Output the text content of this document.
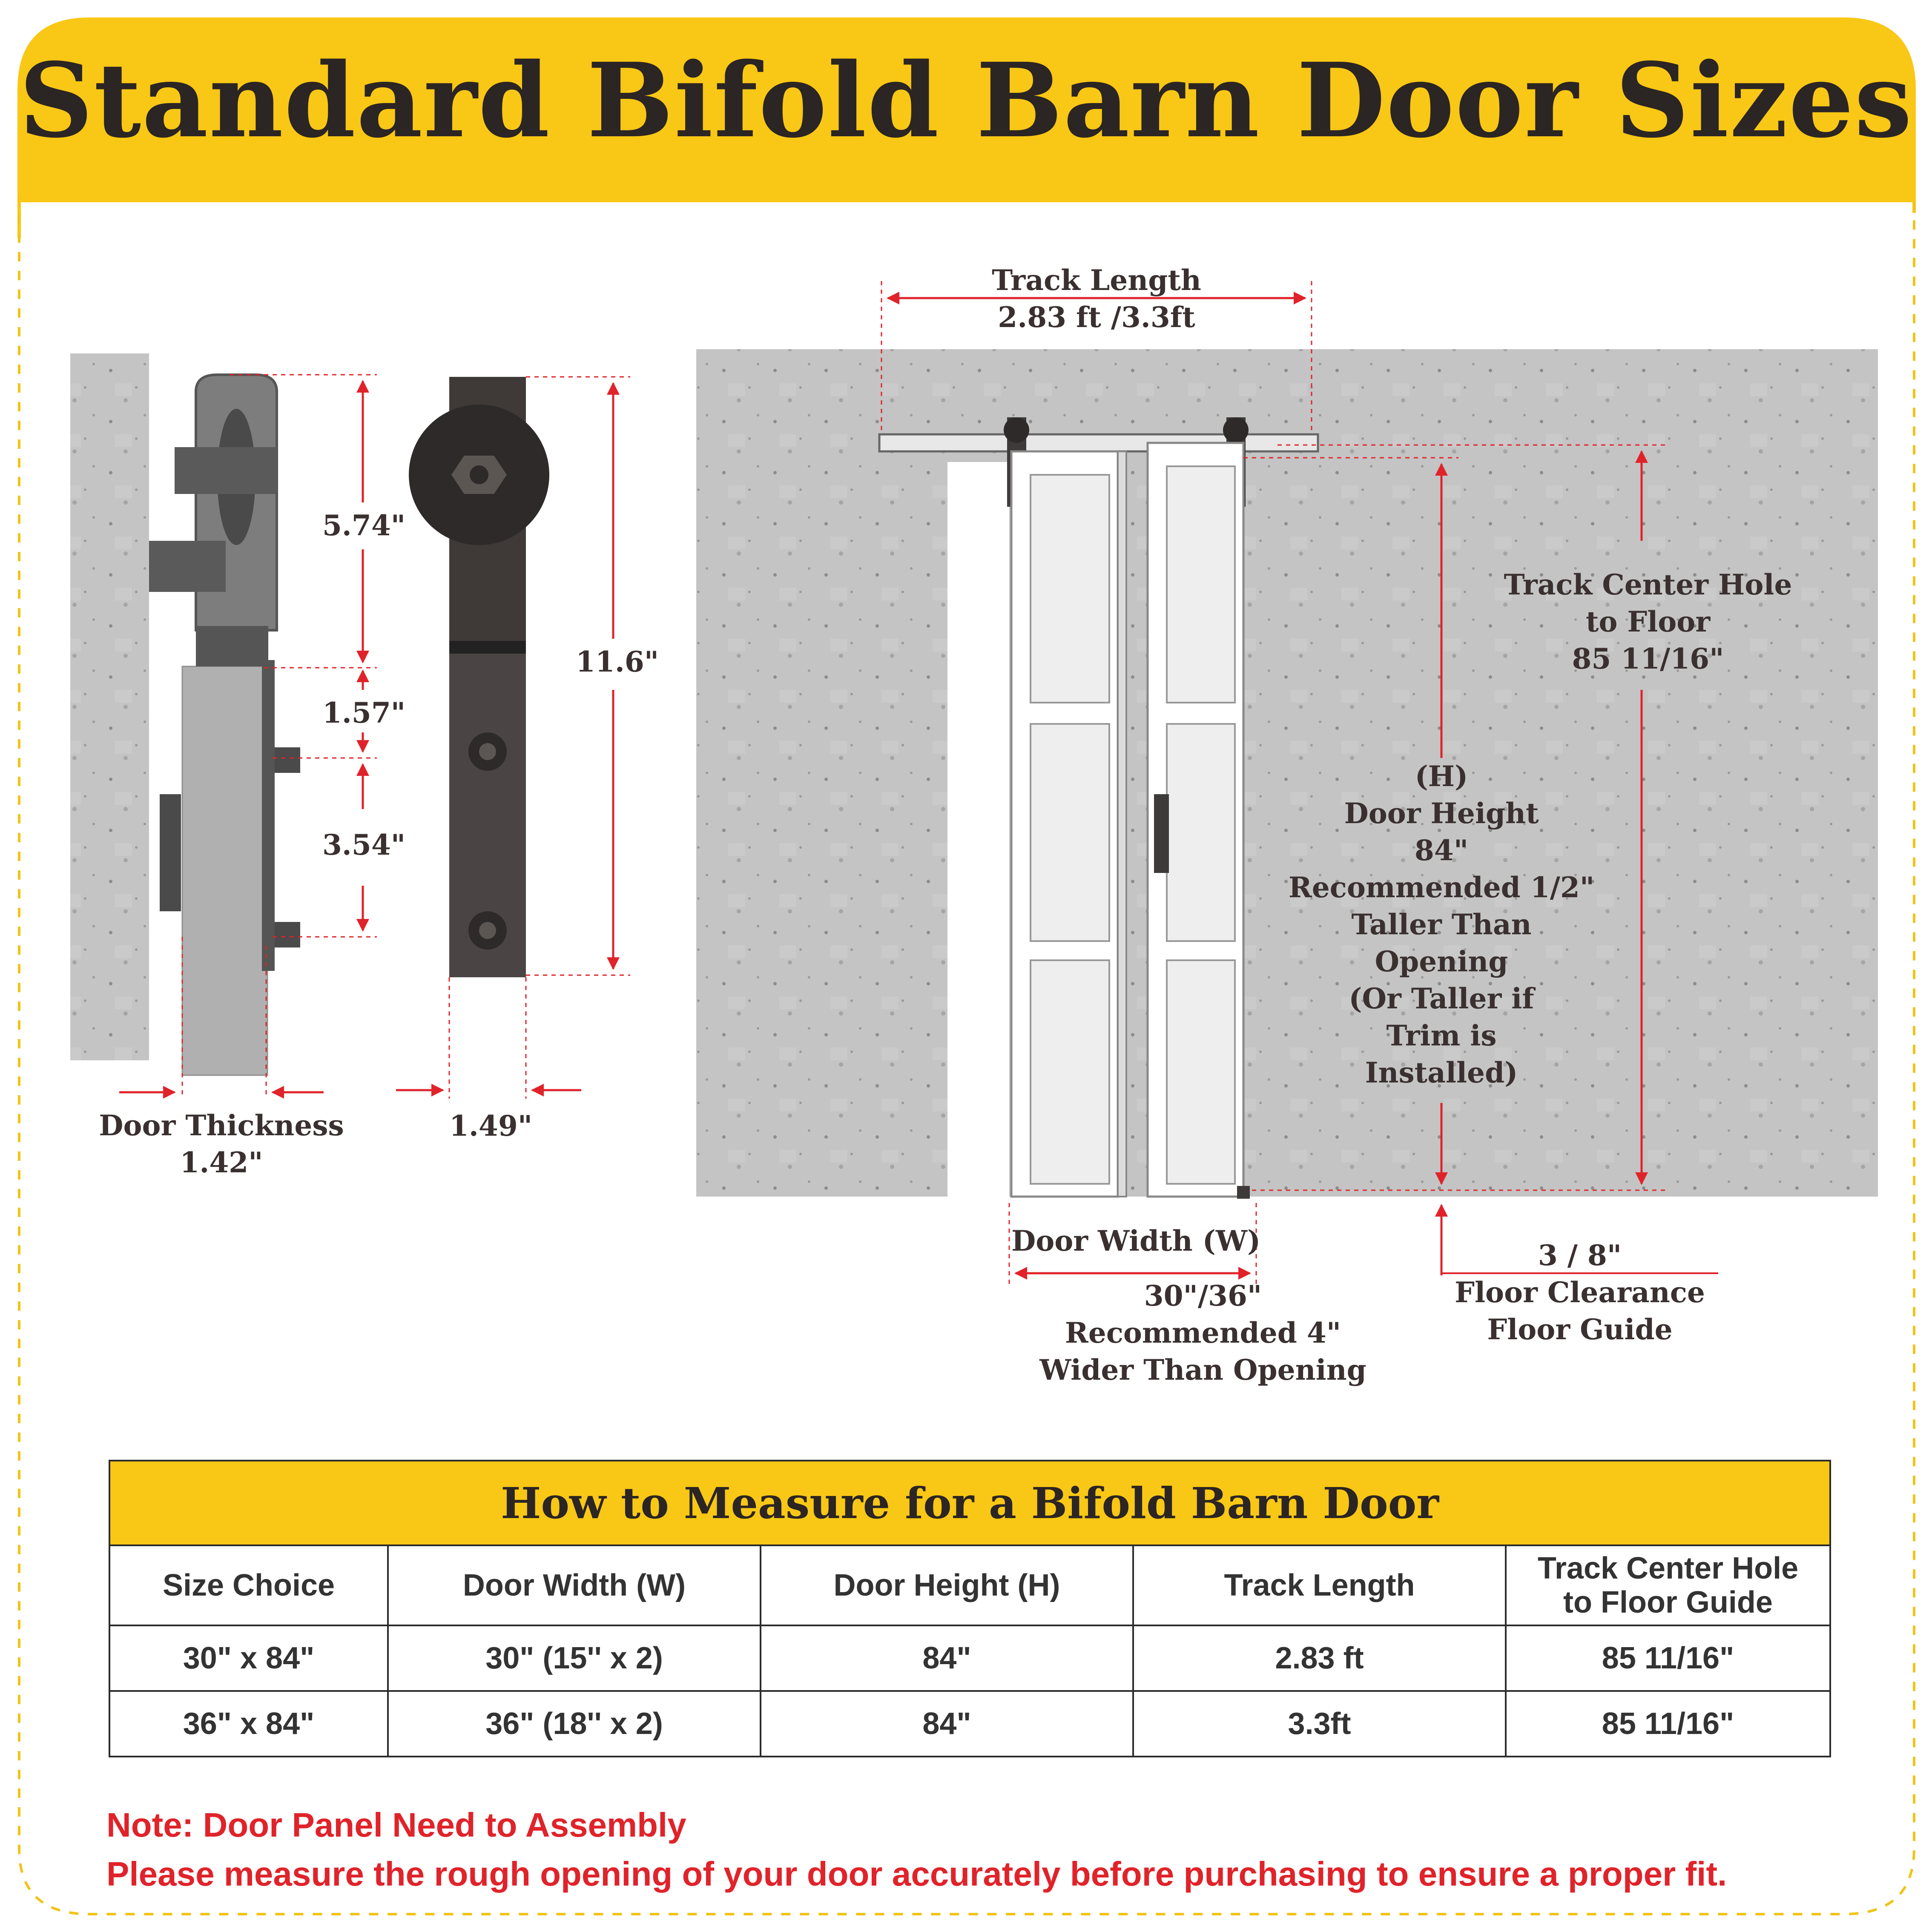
Standard Bifold Barn Door Sizes
5.74"
1.57"
3.54"
11.6"
1.49"
Door Thickness
1.42"
Track Length
2.83 ft /3.3ft
Track Center Hole
to Floor
85 11/16"
(H)
Door Height
84"
Recommended 1/2"
Taller Than
Opening
(Or Taller if
Trim is
Installed)
Door Width (W)
30"/36"
Recommended 4"
Wider Than Opening
3 / 8"
Floor Clearance
Floor Guide
How to Measure for a Bifold Barn Door
Size Choice	Door Width (W)	Door Height (H)	Track Length	Track Center Hole to Floor Guide
30" x 84"	30" (15'' x 2)	84"	2.83 ft	85 11/16"
36" x 84"	36" (18'' x 2)	84"	3.3ft	85 11/16"
Note: Door Panel Need to Assembly
Please measure the rough opening of your door accurately before purchasing to ensure a proper fit.
